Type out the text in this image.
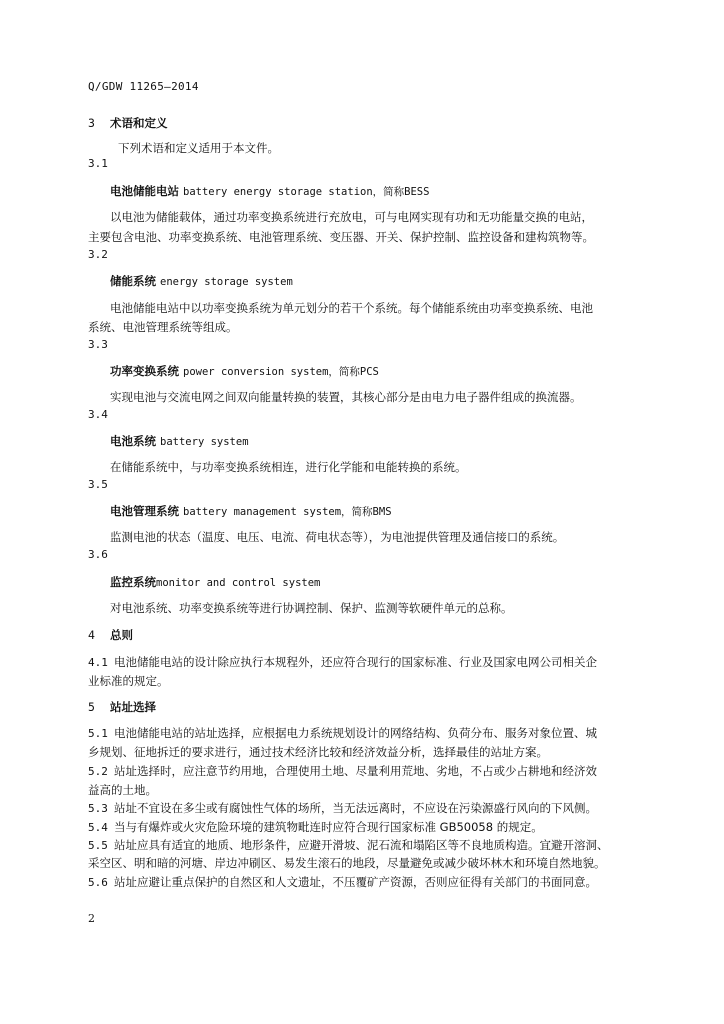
Q/GDW 11265—2014
3 术语和定义
下列术语和定义适用于本文件。
3.1
电池储能电站 battery energy storage station，简称BESS
以电池为储能载体，通过功率变换系统进行充放电，可与电网实现有功和无功能量交换的电站，
主要包含电池、功率变换系统、电池管理系统、变压器、开关、保护控制、监控设备和建构筑物等。
3.2
储能系统 energy storage system
电池储能电站中以功率变换系统为单元划分的若干个系统。每个储能系统由功率变换系统、电池
系统、电池管理系统等组成。
3.3
功率变换系统 power conversion system，简称PCS
实现电池与交流电网之间双向能量转换的装置，其核心部分是由电力电子器件组成的换流器。
3.4
电池系统 battery system
在储能系统中，与功率变换系统相连，进行化学能和电能转换的系统。
3.5
电池管理系统 battery management system，简称BMS
监测电池的状态（温度、电压、电流、荷电状态等），为电池提供管理及通信接口的系统。
3.6
监控系统monitor and control system
对电池系统、功率变换系统等进行协调控制、保护、监测等软硬件单元的总称。
4 总则
4.1 电池储能电站的设计除应执行本规程外，还应符合现行的国家标准、行业及国家电网公司相关企
业标准的规定。
5 站址选择
5.1 电池储能电站的站址选择，应根据电力系统规划设计的网络结构、负荷分布、服务对象位置、城
乡规划、征地拆迁的要求进行，通过技术经济比较和经济效益分析，选择最佳的站址方案。
5.2 站址选择时，应注意节约用地，合理使用土地、尽量利用荒地、劣地，不占或少占耕地和经济效
益高的土地。
5.3 站址不宜设在多尘或有腐蚀性气体的场所，当无法远离时，不应设在污染源盛行风向的下风侧。
5.4 当与有爆炸或火灾危险环境的建筑物毗连时应符合现行国家标准 GB50058 的规定。
5.5 站址应具有适宜的地质、地形条件，应避开滑坡、泥石流和塌陷区等不良地质构造。宜避开溶洞、
采空区、明和暗的河塘、岸边冲刷区、易发生滚石的地段，尽量避免或减少破坏林木和环境自然地貌。
5.6 站址应避让重点保护的自然区和人文遗址，不压覆矿产资源，否则应征得有关部门的书面同意。
2
